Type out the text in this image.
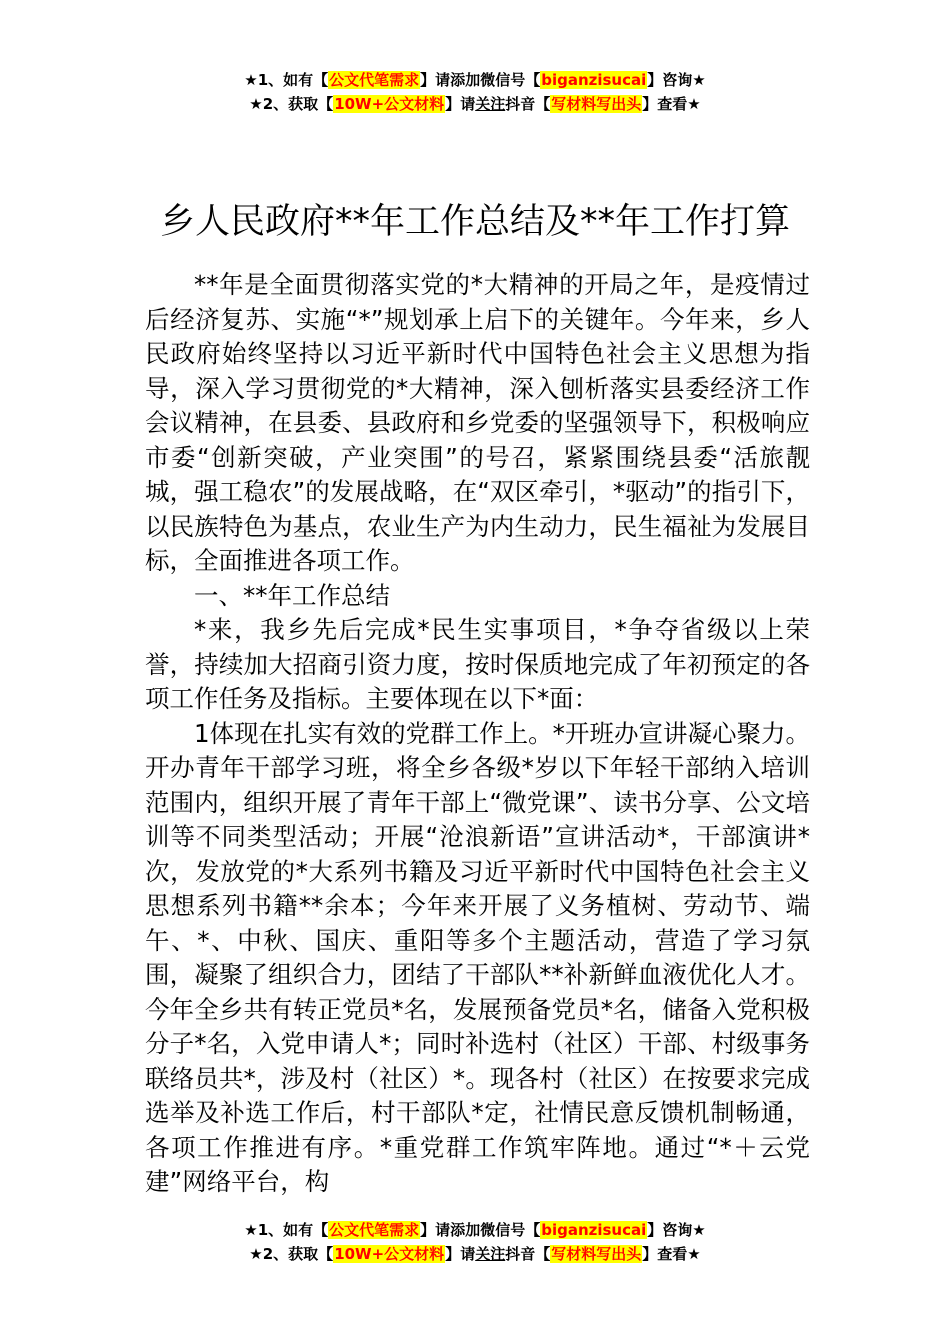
★1、如有【公文代笔需求】请添加微信号【biganzisucai】咨询★
★2、获取【10W+公文材料】请关注抖音【写材料写出头】查看★
乡人民政府**年工作总结及**年工作打算

**年是全面贯彻落实党的*大精神的开局之年，是疫情过后经济复苏、实施“*”规划承上启下的关键年。今年来，乡人民政府始终坚持以习近平新时代中国特色社会主义思想为指导，深入学习贯彻党的*大精神，深入刨析落实县委经济工作会议精神，在县委、县政府和乡党委的坚强领导下，积极响应市委“创新突破，产业突围”的号召，紧紧围绕县委“活旅靓城，强工稳农”的发展战略，在“双区牵引，*驱动”的指引下，以民族特色为基点，农业生产为内生动力，民生福祉为发展目标，全面推进各项工作。

一、**年工作总结

*来，我乡先后完成*民生实事项目，*争夺省级以上荣誉，持续加大招商引资力度，按时保质地完成了年初预定的各项工作任务及指标。主要体现在以下*面：

1体现在扎实有效的党群工作上。*开班办宣讲凝心聚力。开办青年干部学习班，将全乡各级*岁以下年轻干部纳入培训范围内，组织开展了青年干部上“微党课”、读书分享、公文培训等不同类型活动；开展“沧浪新语”宣讲活动*，干部演讲*次，发放党的*大系列书籍及习近平新时代中国特色社会主义思想系列书籍**余本；今年来开展了义务植树、劳动节、端午、*、中秋、国庆、重阳等多个主题活动，营造了学习氛围，凝聚了组织合力，团结了干部队**补新鲜血液优化人才。今年全乡共有转正党员*名，发展预备党员*名，储备入党积极分子*名，入党申请人*；同时补选村（社区）干部、村级事务联络员共*，涉及村（社区）*。现各村（社区）在按要求完成选举及补选工作后，村干部队*定，社情民意反馈机制畅通，各项工作推进有序。*重党群工作筑牢阵地。通过“*＋云党建”网络平台，构

★1、如有【公文代笔需求】请添加微信号【biganzisucai】咨询★
★2、获取【10W+公文材料】请关注抖音【写材料写出头】查看★
